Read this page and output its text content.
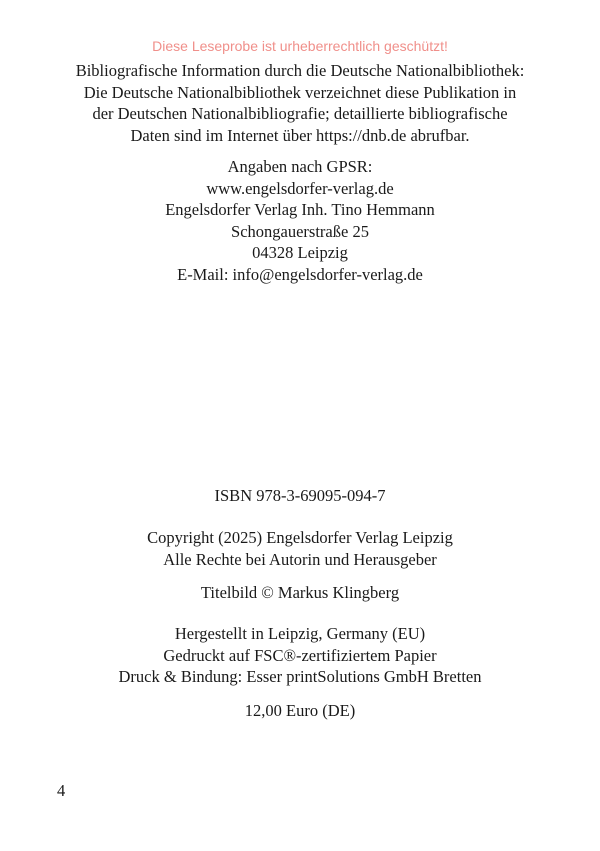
Diese Leseprobe ist urheberrechtlich geschützt!

Bibliografische Information durch die Deutsche Nationalbibliothek:

Die Deutsche Nationalbibliothek verzeichnet diese Publikation in

der Deutschen Nationalbibliografie; detaillierte bibliografische

Daten sind im Internet über https://dnb.de abrufbar.

Angaben nach GPSR:

www.engelsdorfer-verlag.de

Engelsdorfer Verlag Inh. Tino Hemmann

Schongauerstraße 25

04328 Leipzig

E-Mail: info@engelsdorfer-verlag.de

ISBN 978-3-69095-094-7

Copyright (2025) Engelsdorfer Verlag Leipzig

Alle Rechte bei Autorin und Herausgeber

Titelbild © Markus Klingberg

Hergestellt in Leipzig, Germany (EU)

Gedruckt auf FSC®-zertifiziertem Papier

Druck & Bindung: Esser printSolutions GmbH Bretten

12,00 Euro (DE)

4
